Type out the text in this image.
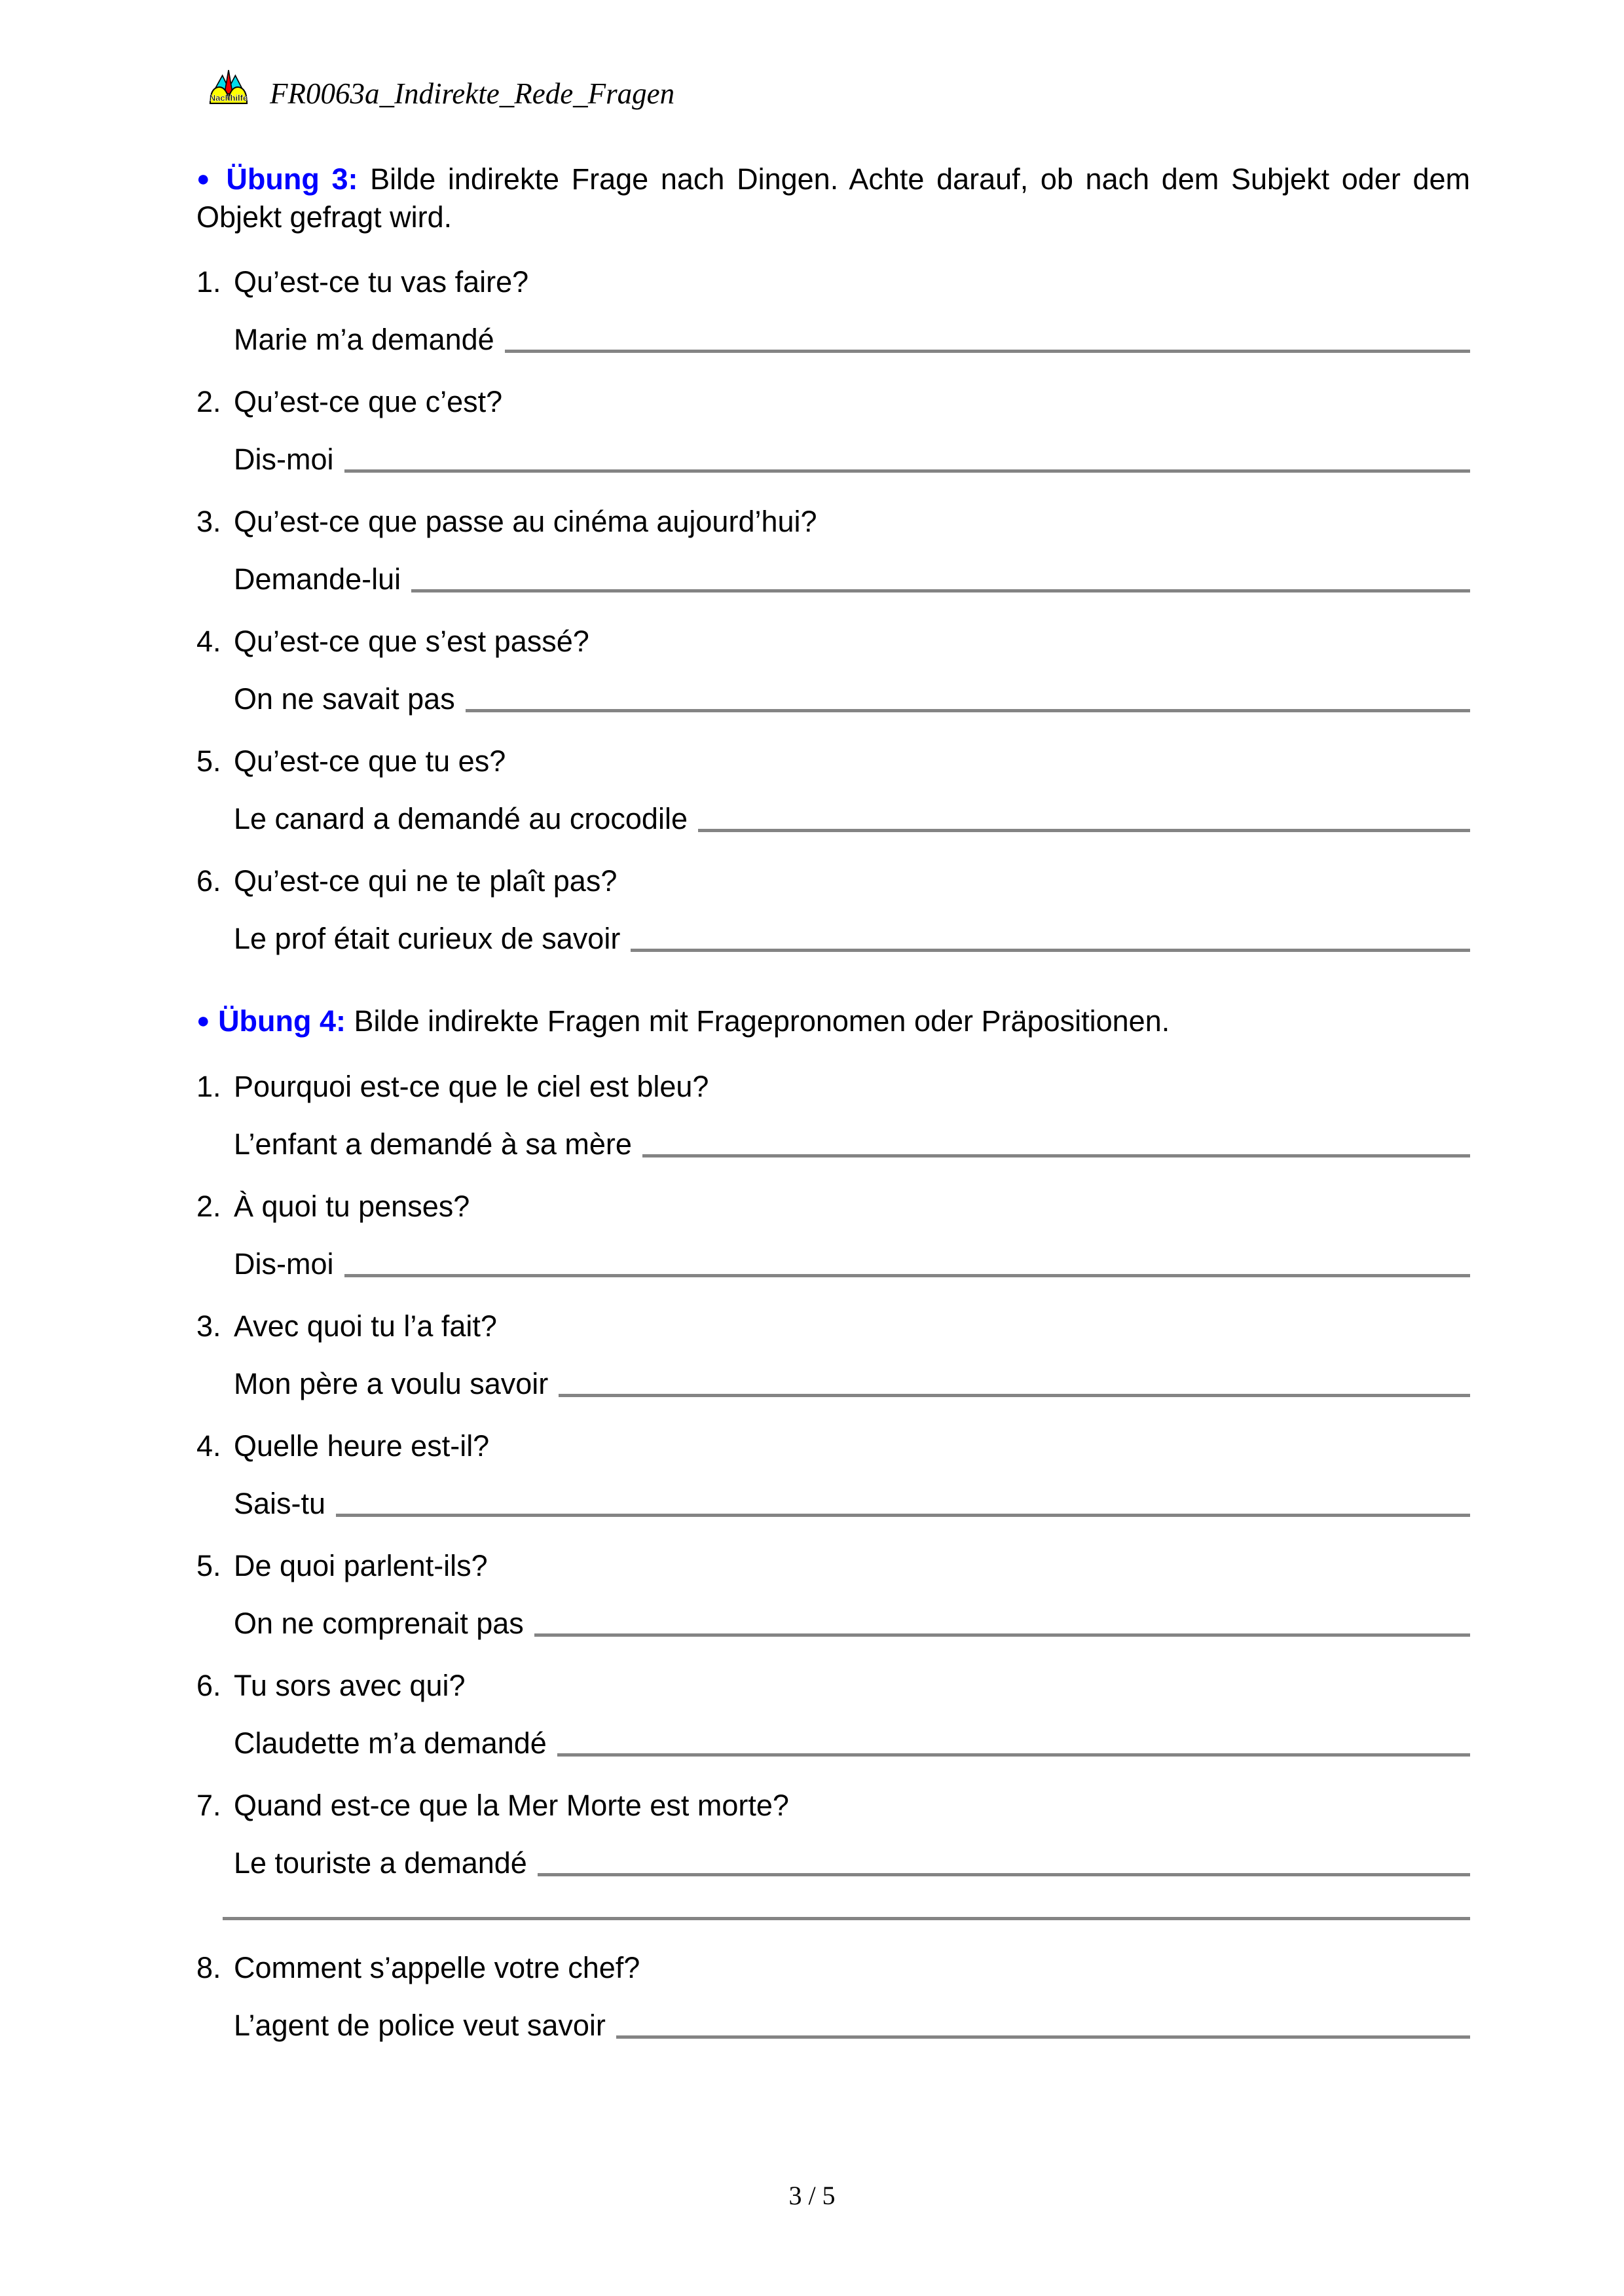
Nachhilfe FR0063a_Indirekte_Rede_Fragen

● Übung 3: Bilde indirekte Frage nach Dingen. Achte darauf, ob nach dem Subjekt oder dem Objekt gefragt wird.

1. Qu’est-ce tu vas faire?
Marie m’a demandé
2. Qu’est-ce que c’est?
Dis-moi
3. Qu’est-ce que passe au cinéma aujourd’hui?
Demande-lui
4. Qu’est-ce que s’est passé?
On ne savait pas
5. Qu’est-ce que tu es?
Le canard a demandé au crocodile
6. Qu’est-ce qui ne te plaît pas?
Le prof était curieux de savoir

● Übung 4: Bilde indirekte Fragen mit Fragepronomen oder Präpositionen.

1. Pourquoi est-ce que le ciel est bleu?
L’enfant a demandé à sa mère
2. À quoi tu penses?
Dis-moi
3. Avec quoi tu l’a fait?
Mon père a voulu savoir
4. Quelle heure est-il?
Sais-tu
5. De quoi parlent-ils?
On ne comprenait pas
6. Tu sors avec qui?
Claudette m’a demandé
7. Quand est-ce que la Mer Morte est morte?
Le touriste a demandé
8. Comment s’appelle votre chef?
L’agent de police veut savoir
3 / 5
